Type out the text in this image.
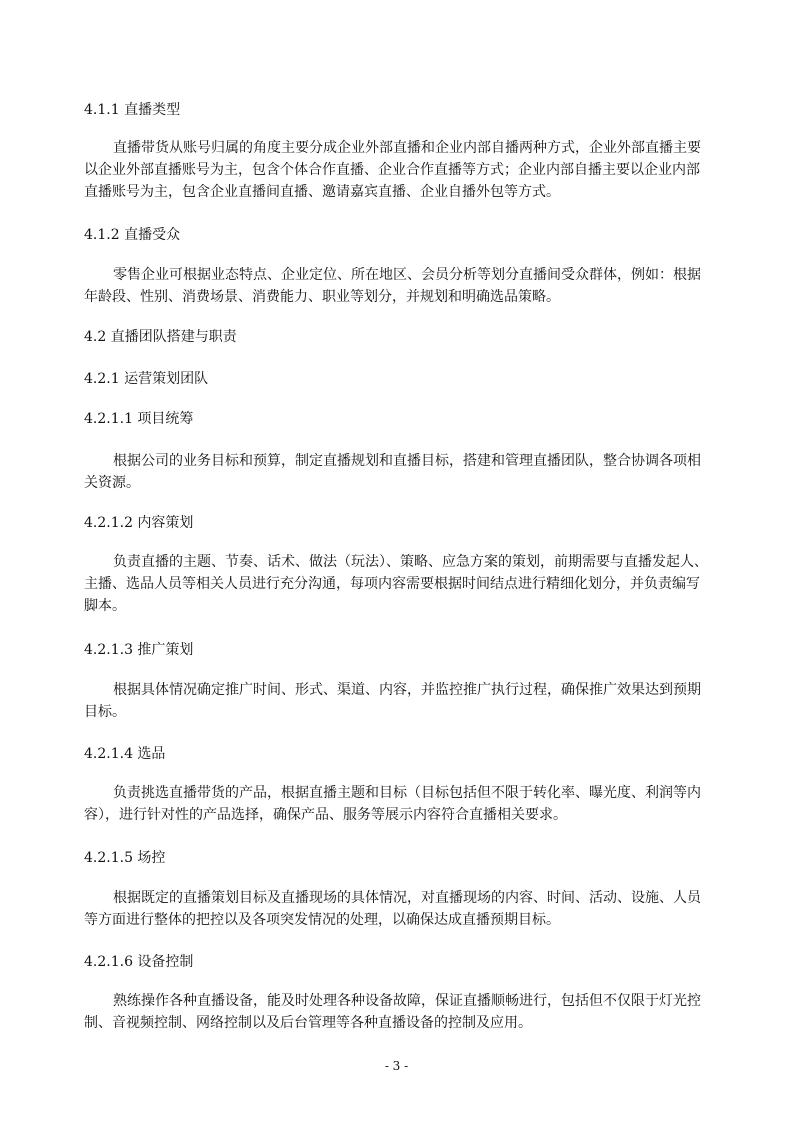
4.1.1 直播类型

直播带货从账号归属的角度主要分成企业外部直播和企业内部自播两种方式，企业外部直播主要
以企业外部直播账号为主，包含个体合作直播、企业合作直播等方式；企业内部自播主要以企业内部
直播账号为主，包含企业直播间直播、邀请嘉宾直播、企业自播外包等方式。

4.1.2 直播受众

零售企业可根据业态特点、企业定位、所在地区、会员分析等划分直播间受众群体，例如：根据
年龄段、性别、消费场景、消费能力、职业等划分，并规划和明确选品策略。

4.2 直播团队搭建与职责

4.2.1 运营策划团队

4.2.1.1 项目统筹

根据公司的业务目标和预算，制定直播规划和直播目标，搭建和管理直播团队，整合协调各项相
关资源。

4.2.1.2 内容策划

负责直播的主题、节奏、话术、做法（玩法）、策略、应急方案的策划，前期需要与直播发起人、
主播、选品人员等相关人员进行充分沟通，每项内容需要根据时间结点进行精细化划分，并负责编写
脚本。

4.2.1.3 推广策划

根据具体情况确定推广时间、形式、渠道、内容，并监控推广执行过程，确保推广效果达到预期
目标。

4.2.1.4 选品

负责挑选直播带货的产品，根据直播主题和目标（目标包括但不限于转化率、曝光度、利润等内
容），进行针对性的产品选择，确保产品、服务等展示内容符合直播相关要求。

4.2.1.5 场控

根据既定的直播策划目标及直播现场的具体情况，对直播现场的内容、时间、活动、设施、人员
等方面进行整体的把控以及各项突发情况的处理，以确保达成直播预期目标。

4.2.1.6 设备控制

熟练操作各种直播设备，能及时处理各种设备故障，保证直播顺畅进行，包括但不仅限于灯光控
制、音视频控制、网络控制以及后台管理等各种直播设备的控制及应用。

- 3 -
